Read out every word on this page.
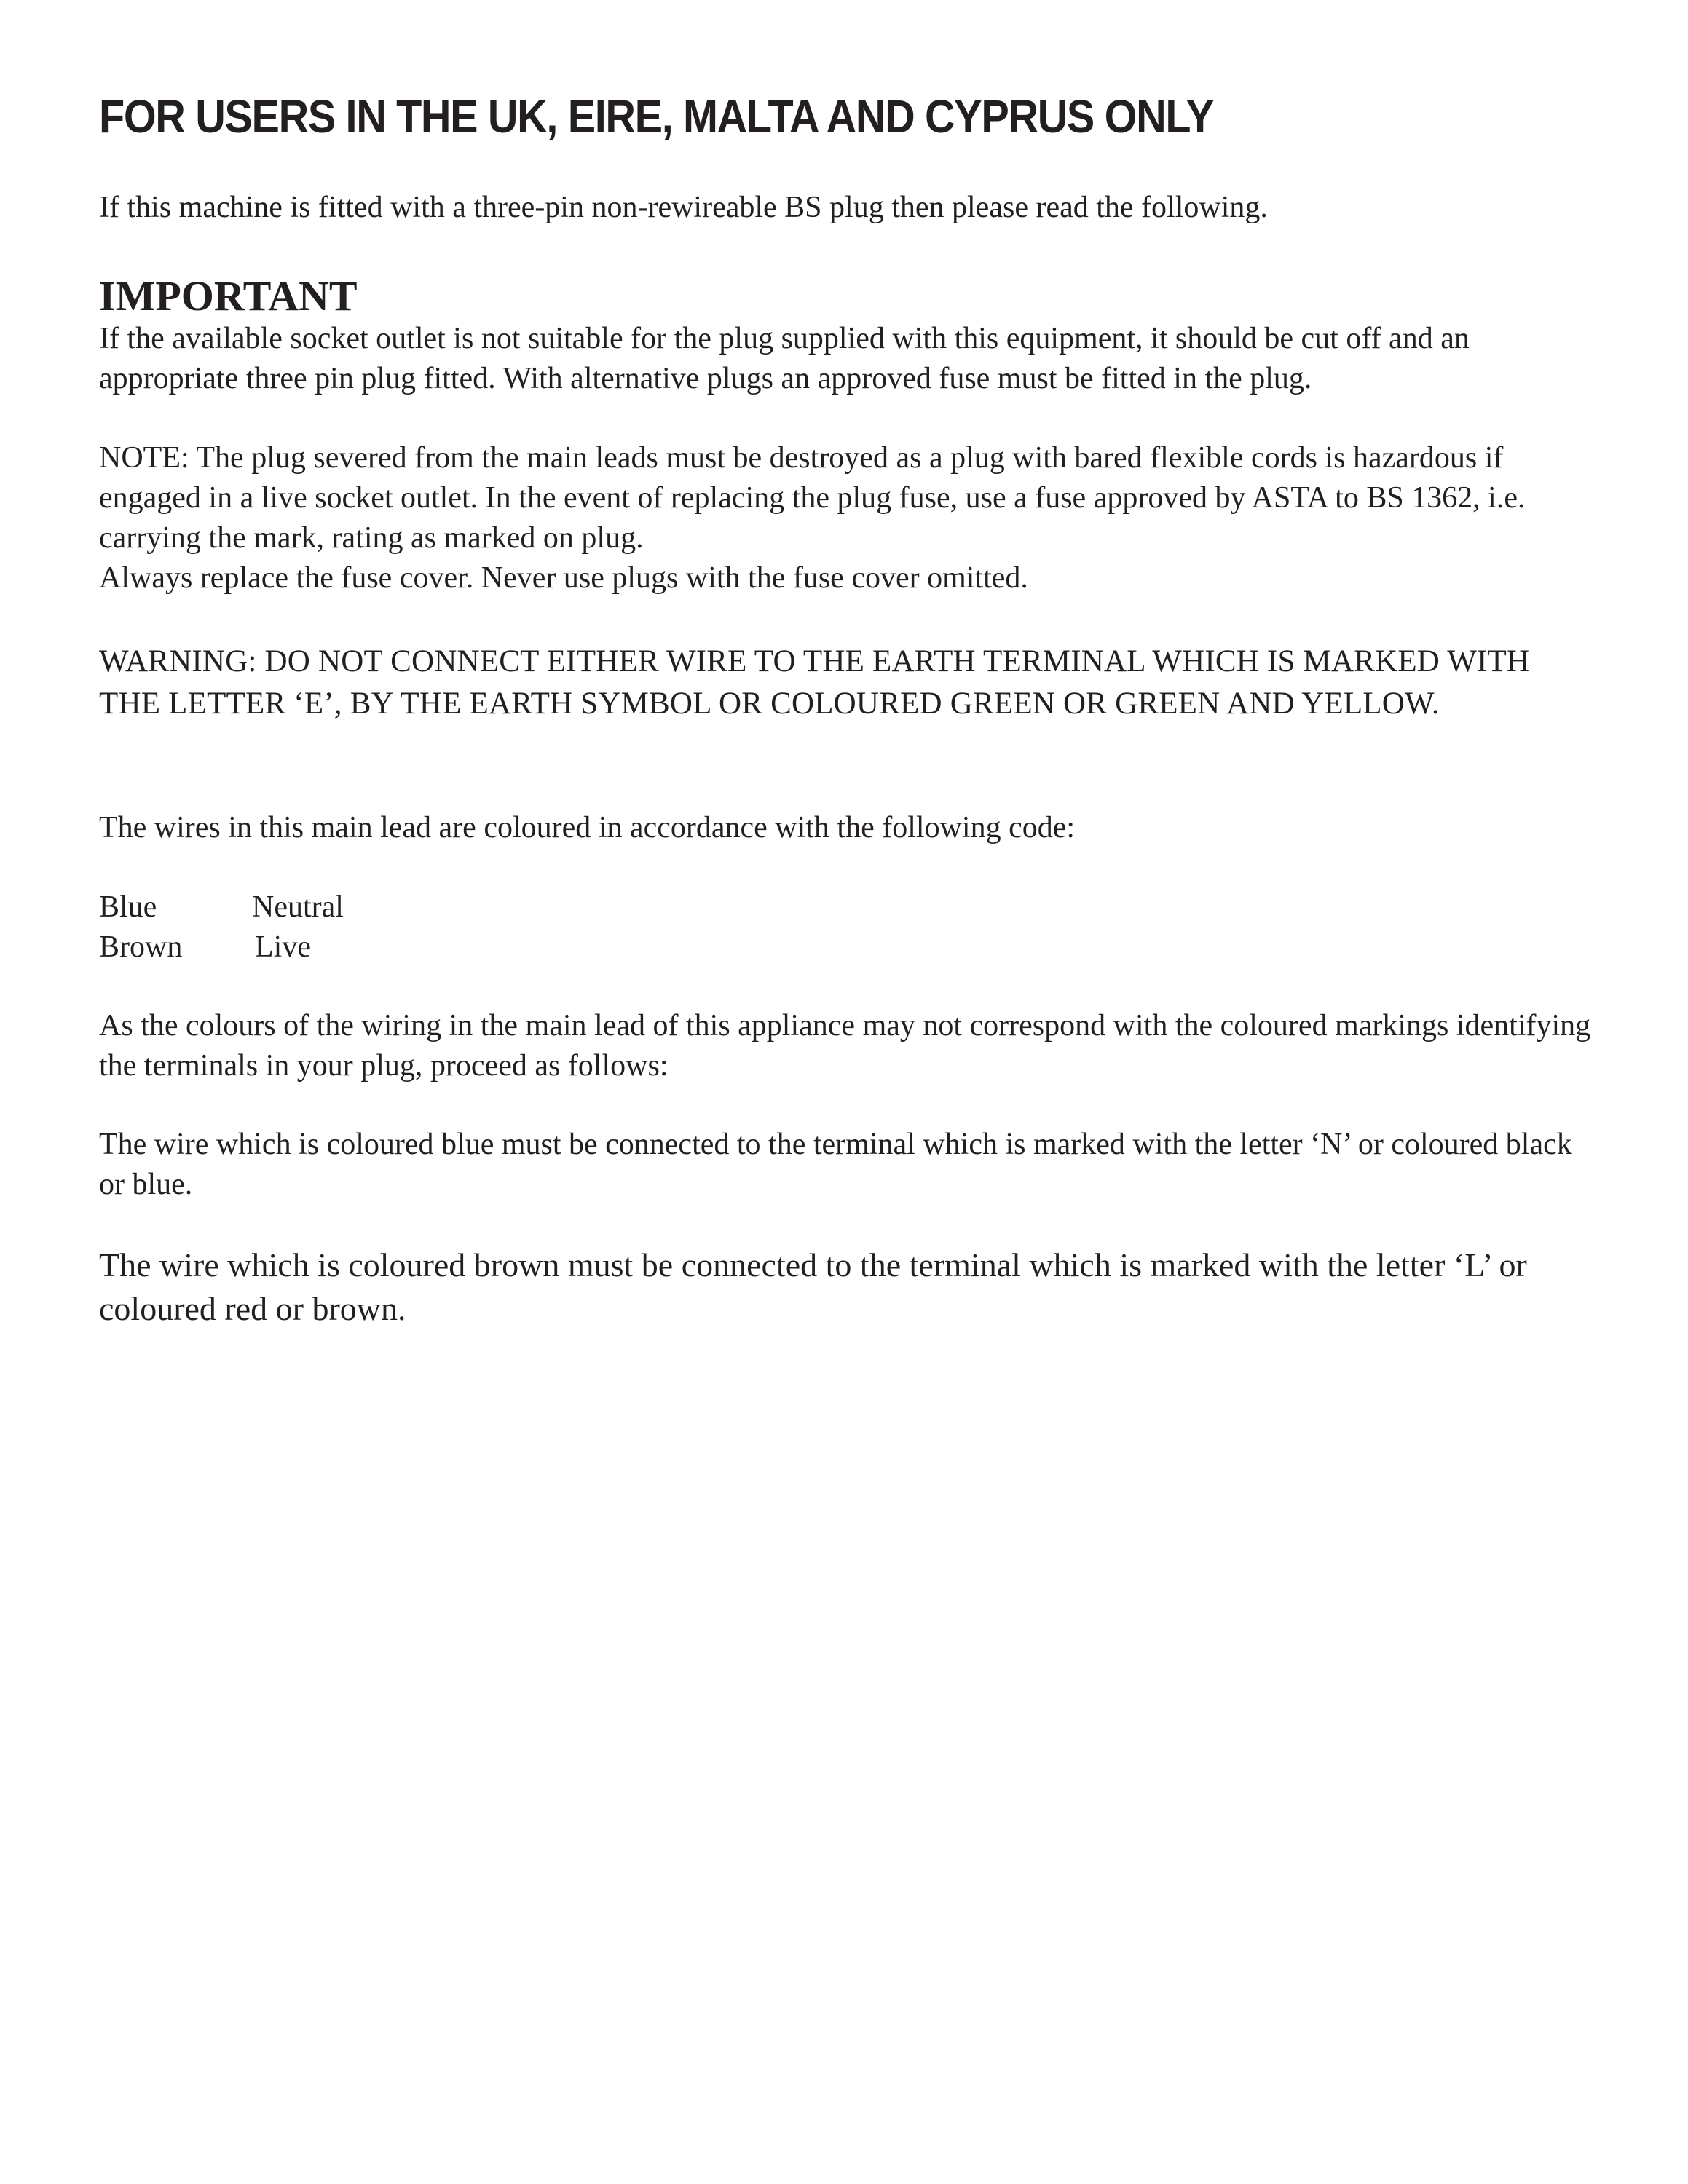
FOR USERS IN THE UK, EIRE, MALTA AND CYPRUS ONLY

If this machine is fitted with a three-pin non-rewireable BS plug then please read the following.

IMPORTANT

If the available socket outlet is not suitable for the plug supplied with this equipment, it should be cut off and an appropriate three pin plug fitted. With alternative plugs an approved fuse must be fitted in the plug.

NOTE: The plug severed from the main leads must be destroyed as a plug with bared flexible cords is hazardous if engaged in a live socket outlet. In the event of replacing the plug fuse, use a fuse approved by ASTA to BS 1362, i.e. carrying the mark, rating as marked on plug.

Always replace the fuse cover. Never use plugs with the fuse cover omitted.

WARNING: DO NOT CONNECT EITHER WIRE TO THE EARTH TERMINAL WHICH IS MARKED WITH THE LETTER ‘E’, BY THE EARTH SYMBOL OR COLOURED GREEN OR GREEN AND YELLOW.

The wires in this main lead are coloured in accordance with the following code:

Blue	Neutral
Brown Live

As the colours of the wiring in the main lead of this appliance may not correspond with the coloured markings identifying the terminals in your plug, proceed as follows:

The wire which is coloured blue must be connected to the terminal which is marked with the letter ‘N’ or coloured black or blue.

The wire which is coloured brown must be connected to the terminal which is marked with the letter ‘L’ or coloured red or brown.
